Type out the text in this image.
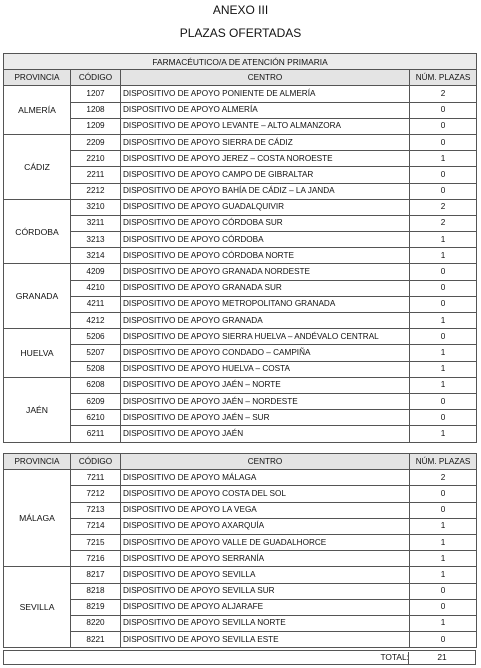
ANEXO III
PLAZAS OFERTADAS
FARMACÉUTICO/A DE ATENCIÓN PRIMARIA			
PROVINCIA	CÓDIGO	CENTRO	NÚM. PLAZAS
ALMERÍA	1207	DISPOSITIVO DE APOYO PONIENTE DE ALMERÍA	2
	1208	DISPOSITIVO DE APOYO ALMERÍA	0
	1209	DISPOSITIVO DE APOYO LEVANTE – ALTO ALMANZORA	0
CÁDIZ	2209	DISPOSITIVO DE APOYO SIERRA DE CÁDIZ	0
	2210	DISPOSITIVO DE APOYO JEREZ – COSTA NOROESTE	1
	2211	DISPOSITIVO DE APOYO CAMPO DE GIBRALTAR	0
	2212	DISPOSITIVO DE APOYO BAHÍA DE CÁDIZ – LA JANDA	0
CÓRDOBA	3210	DISPOSITIVO DE APOYO GUADALQUIVIR	2
	3211	DISPOSITIVO DE APOYO CÓRDOBA SUR	2
	3213	DISPOSITIVO DE APOYO CÓRDOBA	1
	3214	DISPOSITIVO DE APOYO CÓRDOBA NORTE	1
GRANADA	4209	DISPOSITIVO DE APOYO GRANADA NORDESTE	0
	4210	DISPOSITIVO DE APOYO GRANADA SUR	0
	4211	DISPOSITIVO DE APOYO METROPOLITANO GRANADA	0
	4212	DISPOSITIVO DE APOYO GRANADA	1
HUELVA	5206	DISPOSITIVO DE APOYO SIERRA HUELVA – ANDÉVALO CENTRAL	0
	5207	DISPOSITIVO DE APOYO CONDADO – CAMPIÑA	1
	5208	DISPOSITIVO DE APOYO HUELVA – COSTA	1
JAÉN	6208	DISPOSITIVO DE APOYO JAÉN – NORTE	1
	6209	DISPOSITIVO DE APOYO JAÉN – NORDESTE	0
	6210	DISPOSITIVO DE APOYO JAÉN – SUR	0
	6211	DISPOSITIVO DE APOYO JAÉN	1
PROVINCIA	CÓDIGO	CENTRO	NÚM. PLAZAS
MÁLAGA	7211	DISPOSITIVO DE APOYO MÁLAGA	2
	7212	DISPOSITIVO DE APOYO COSTA DEL SOL	0
	7213	DISPOSITIVO DE APOYO LA VEGA	0
	7214	DISPOSITIVO DE APOYO AXARQUÍA	1
	7215	DISPOSITIVO DE APOYO VALLE DE GUADALHORCE	1
	7216	DISPOSITIVO DE APOYO SERRANÍA	1
SEVILLA	8217	DISPOSITIVO DE APOYO SEVILLA	1
	8218	DISPOSITIVO DE APOYO SEVILLA SUR	0
	8219	DISPOSITIVO DE APOYO ALJARAFE	0
	8220	DISPOSITIVO DE APOYO SEVILLA NORTE	1
	8221	DISPOSITIVO DE APOYO SEVILLA ESTE	0
TOTAL:	21
